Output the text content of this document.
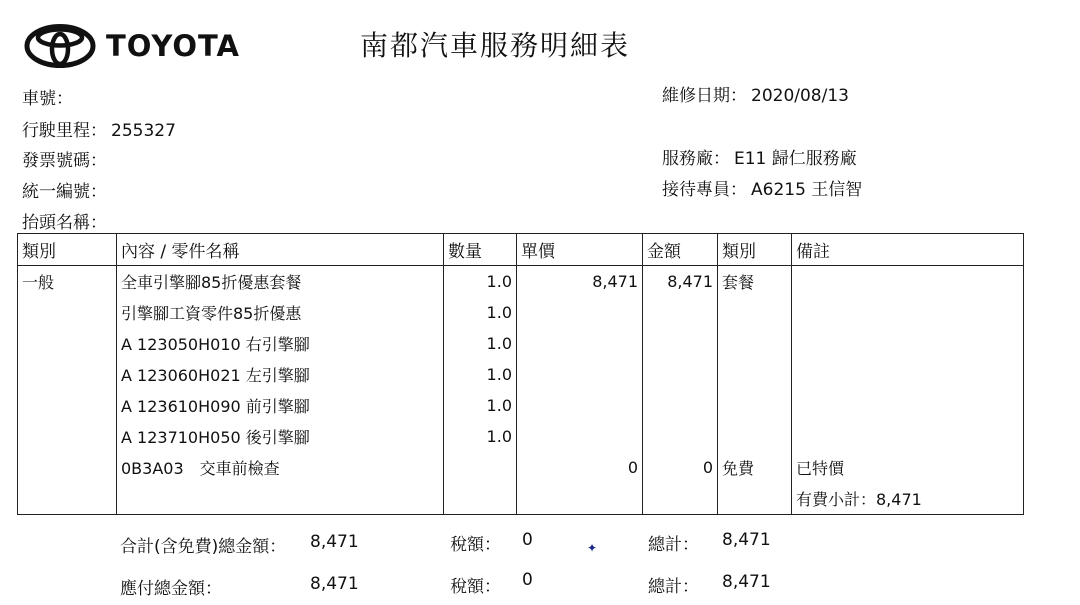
TOYOTA	南都汽車服務明細表
車號：
行駛里程： 255327
發票號碼：
統一編號：
抬頭名稱：
維修日期： 2020/08/13
服務廠： E11 歸仁服務廠
接待專員： A6215 王信智
類別	內容 / 零件名稱	數量	單價	金額	類別	備註
一般	全車引擎腳85折優惠套餐	1.0	8,471	8,471	套餐	
	引擎腳工資零件85折優惠	1.0				
	A 123050H010 右引擎腳	1.0				
	A 123060H021 左引擎腳	1.0				
	A 123610H090 前引擎腳	1.0				
	A 123710H050 後引擎腳	1.0				
	0B3A03　交車前檢查		0	0	免費	已特價
						有費小計：8,471
合計(含免費)總金額： 8,471	稅額： 0	總計： 8,471
應付總金額：	8,471	稅額： 0	總計： 8,471
✦
